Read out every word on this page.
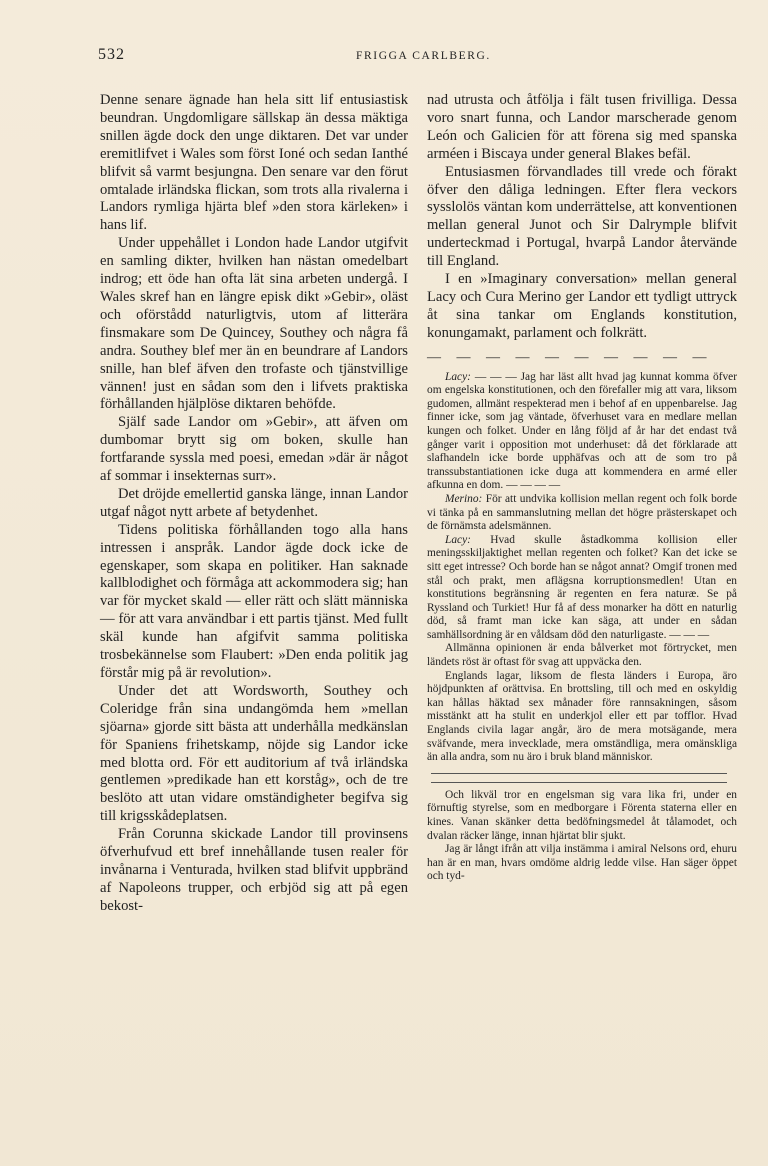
532	FRIGGA CARLBERG.

Denne senare ägnade han hela sitt lif entusiastisk beundran. Ungdomligare sällskap än dessa mäktiga snillen ägde dock den unge diktaren. Det var under eremitlifvet i Wales som först Ioné och sedan Ianthé blifvit så varmt besjungna. Den senare var den förut omtalade irländska flickan, som trots alla rivalerna i Landors rymliga hjärta blef »den stora kärleken» i hans lif.

Under uppehållet i London hade Landor utgifvit en samling dikter, hvilken han nästan omedelbart indrog; ett öde han ofta lät sina arbeten undergå. I Wales skref han en längre episk dikt »Gebir», oläst och oförstådd naturligtvis, utom af litterära finsmakare som De Quincey, Southey och några få andra. Southey blef mer än en beundrare af Landors snille, han blef äfven den trofaste och tjänstvillige vännen! just en sådan som den i lifvets praktiska förhållanden hjälplöse diktaren behöfde.

Själf sade Landor om »Gebir», att äfven om dumbomar brytt sig om boken, skulle han fortfarande syssla med poesi, emedan »där är något af sommar i insekternas surr».

Det dröjde emellertid ganska länge, innan Landor utgaf något nytt arbete af betydenhet.

Tidens politiska förhållanden togo alla hans intressen i anspråk. Landor ägde dock icke de egenskaper, som skapa en politiker. Han saknade kallblodighet och förmåga att ackommodera sig; han var för mycket skald — eller rätt och slätt människa — för att vara användbar i ett partis tjänst. Med fullt skäl kunde han afgifvit samma politiska trosbekännelse som Flaubert: »Den enda politik jag förstår mig på är revolution».

Under det att Wordsworth, Southey och Coleridge från sina undangömda hem »mellan sjöarna» gjorde sitt bästa att underhålla medkänslan för Spaniens frihetskamp, nöjde sig Landor icke med blotta ord. För ett auditorium af två irländska gentlemen »predikade han ett korståg», och de tre beslöto att utan vidare omständigheter begifva sig till krigsskådeplatsen.

Från Corunna skickade Landor till provinsens öfverhufvud ett bref innehållande tusen realer för invånarna i Venturada, hvilken stad blifvit uppbränd af Napoleons trupper, och erbjöd sig att på egen bekost-

nad utrusta och åtfölja i fält tusen frivilliga. Dessa voro snart funna, och Landor marscherade genom León och Galicien för att förena sig med spanska arméen i Biscaya under general Blakes befäl.

Entusiasmen förvandlades till vrede och förakt öfver den dåliga ledningen. Efter flera veckors sysslolös väntan kom underrättelse, att konventionen mellan general Junot och Sir Dalrymple blifvit underteckmad i Portugal, hvarpå Landor återvände till England.

I en »Imaginary conversation» mellan general Lacy och Cura Merino ger Landor ett tydligt uttryck åt sina tankar om Englands konstitution, konungamakt, parlament och folkrätt.

— — — — — — — — — —

Lacy: — — — Jag har läst allt hvad jag kunnat komma öfver om engelska konstitutionen, och den förefaller mig att vara, liksom gudomen, allmänt respekterad men i behof af en uppenbarelse. Jag finner icke, som jag väntade, öfverhuset vara en medlare mellan kungen och folket. Under en lång följd af år har det endast två gånger varit i opposition mot underhuset: då det förklarade att slafhandeln icke borde upphäfvas och att de som tro på transsubstantiationen icke duga att kommendera en armé eller afkunna en dom. — — — —

Merino: För att undvika kollision mellan regent och folk borde vi tänka på en sammanslutning mellan det högre prästerskapet och de förnämsta adelsmännen.

Lacy: Hvad skulle åstadkomma kollision eller meningsskiljaktighet mellan regenten och folket? Kan det icke se sitt eget intresse? Och borde han se något annat? Omgif tronen med stål och prakt, men aflägsna korruptionsmedlen! Utan en konstitutions begränsning är regenten en fera naturæ. Se på Ryssland och Turkiet! Hur få af dess monarker ha dött en naturlig död, så framt man icke kan säga, att under en sådan samhällsordning är en våldsam död den naturligaste. — — —

Allmänna opinionen är enda bålverket mot förtrycket, men ländets röst är oftast för svag att uppväcka den.

Englands lagar, liksom de flesta länders i Europa, äro höjdpunkten af orättvisa. En brottsling, till och med en oskyldig kan hållas häktad sex månader före rannsakningen, såsom misstänkt att ha stulit en underkjol eller ett par tofflor. Hvad Englands civila lagar angår, äro de mera motsägande, mera sväfvande, mera invecklade, mera omständliga, mera omänskliga än alla andra, som nu äro i bruk bland människor.

Och likväl tror en engelsman sig vara lika fri, under en förnuftig styrelse, som en medborgare i Förenta staterna eller en kines. Vanan skänker detta bedöfningsmedel åt tålamodet, och dvalan räcker länge, innan hjärtat blir sjukt.

Jag är långt ifrån att vilja instämma i amiral Nelsons ord, ehuru han är en man, hvars omdöme aldrig ledde vilse. Han säger öppet och tyd-
